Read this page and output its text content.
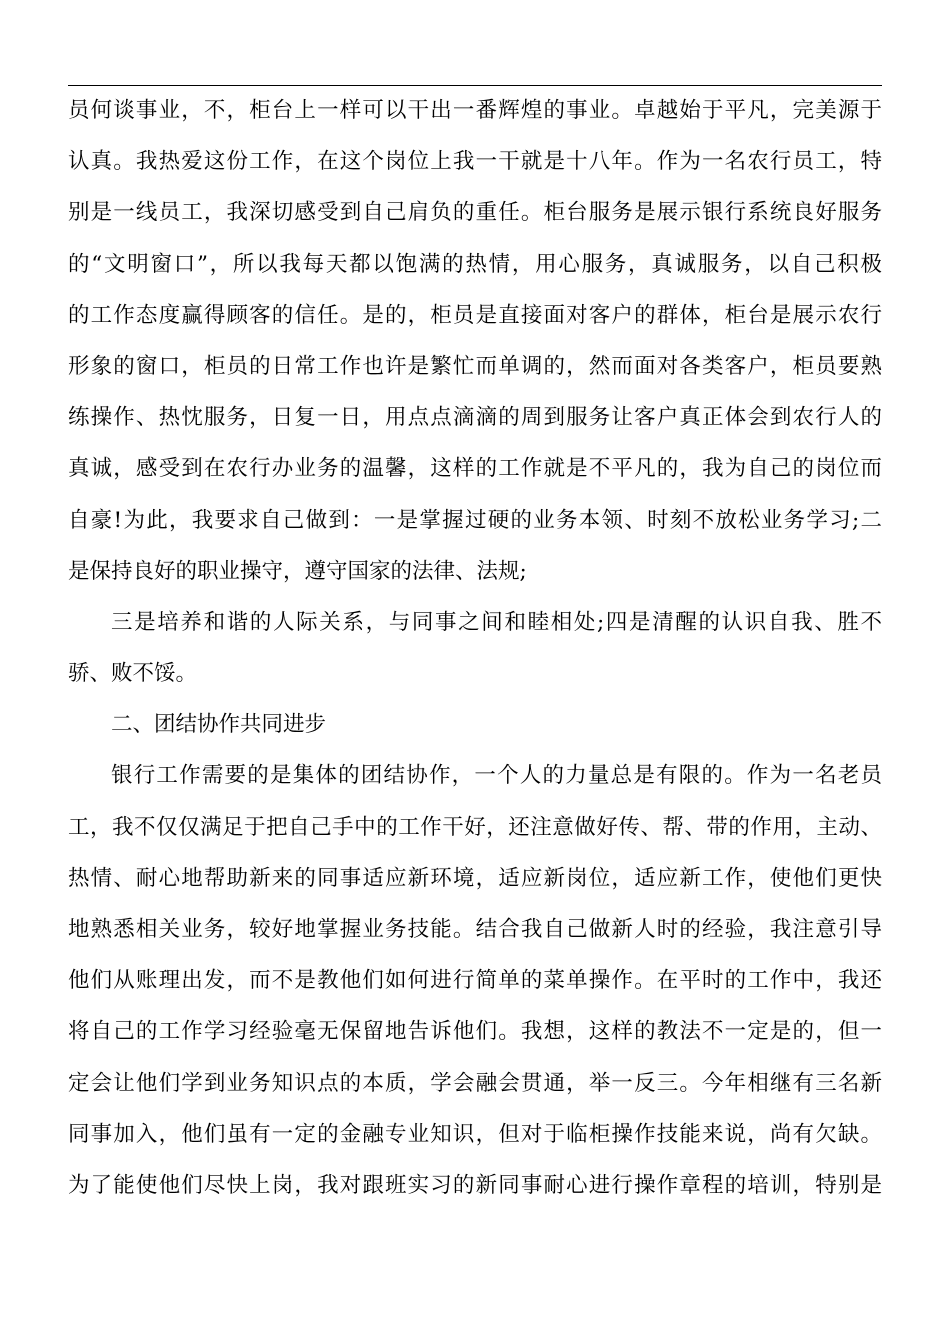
员何谈事业，不，柜台上一样可以干出一番辉煌的事业。卓越始于平凡，完美源于
认真。我热爱这份工作，在这个岗位上我一干就是十八年。作为一名农行员工，特
别是一线员工，我深切感受到自己肩负的重任。柜台服务是展示银行系统良好服务
的“文明窗口”，所以我每天都以饱满的热情，用心服务，真诚服务，以自己积极
的工作态度赢得顾客的信任。是的，柜员是直接面对客户的群体，柜台是展示农行
形象的窗口，柜员的日常工作也许是繁忙而单调的，然而面对各类客户，柜员要熟
练操作、热忱服务，日复一日，用点点滴滴的周到服务让客户真正体会到农行人的
真诚，感受到在农行办业务的温馨，这样的工作就是不平凡的，我为自己的岗位而
自豪!为此，我要求自己做到：一是掌握过硬的业务本领、时刻不放松业务学习;二
是保持良好的职业操守，遵守国家的法律、法规;
三是培养和谐的人际关系，与同事之间和睦相处;四是清醒的认识自我、胜不
骄、败不馁。
二、团结协作共同进步
银行工作需要的是集体的团结协作，一个人的力量总是有限的。作为一名老员
工，我不仅仅满足于把自己手中的工作干好，还注意做好传、帮、带的作用，主动、
热情、耐心地帮助新来的同事适应新环境，适应新岗位，适应新工作，使他们更快
地熟悉相关业务，较好地掌握业务技能。结合我自己做新人时的经验，我注意引导
他们从账理出发，而不是教他们如何进行简单的菜单操作。在平时的工作中，我还
将自己的工作学习经验毫无保留地告诉他们。我想，这样的教法不一定是的，但一
定会让他们学到业务知识点的本质，学会融会贯通，举一反三。今年相继有三名新
同事加入，他们虽有一定的金融专业知识，但对于临柜操作技能来说，尚有欠缺。
为了能使他们尽快上岗，我对跟班实习的新同事耐心进行操作章程的培训，特别是
